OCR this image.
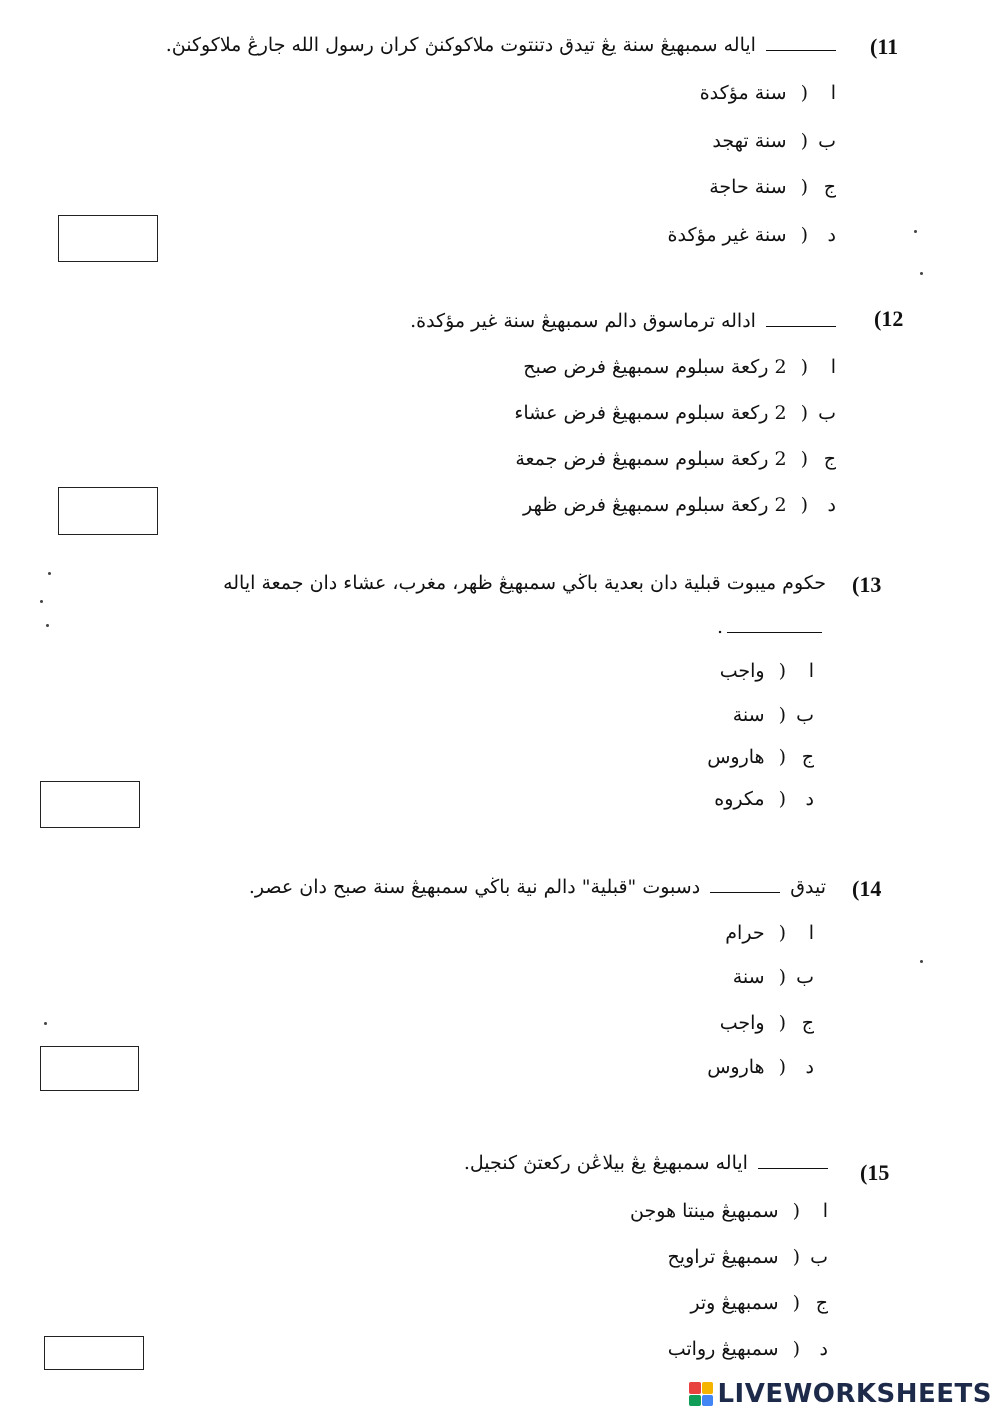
(11
اياله سمبهيڠ سنة يڠ تيدق دتنتوت ملاکوکنڽ كران رسول الله جارڠ ملاکوکنڽ.
ا
(
سنة مؤكدة
ب
(
سنة تهجد
ج
(
سنة حاجة
د
(
سنة غير مؤكدة
(12
اداله ترماسوق دالم سمبهيڠ سنة غير مؤكدة.
ا
(
2 ركعة سبلوم سمبهيڠ فرض صبح
ب
(
2 ركعة سبلوم سمبهيڠ فرض عشاء
ج
(
2 ركعة سبلوم سمبهيڠ فرض جمعة
د
(
2 ركعة سبلوم سمبهيڠ فرض ظهر
(13
حكوم ميبوت قبلية دان بعدية باڬي سمبهيڠ ظهر، مغرب، عشاء دان جمعة اياله
.
ا
(
واجب
ب
(
سنة
ج
(
هاروس
د
(
مكروه
(14
تيدق  دسبوت "قبلية" دالم نية باڬي سمبهيڠ سنة صبح دان عصر.
ا
(
حرام
ب
(
سنة
ج
(
واجب
د
(
هاروس
(15
اياله سمبهيڠ يڠ بيلاڠن ركعتڽ كنجيل.
ا
(
سمبهيڠ مينتا هوجن
ب
(
سمبهيڠ تراويح
ج
(
سمبهيڠ وتر
د
(
سمبهيڠ رواتب
LIVEWORKSHEETS
